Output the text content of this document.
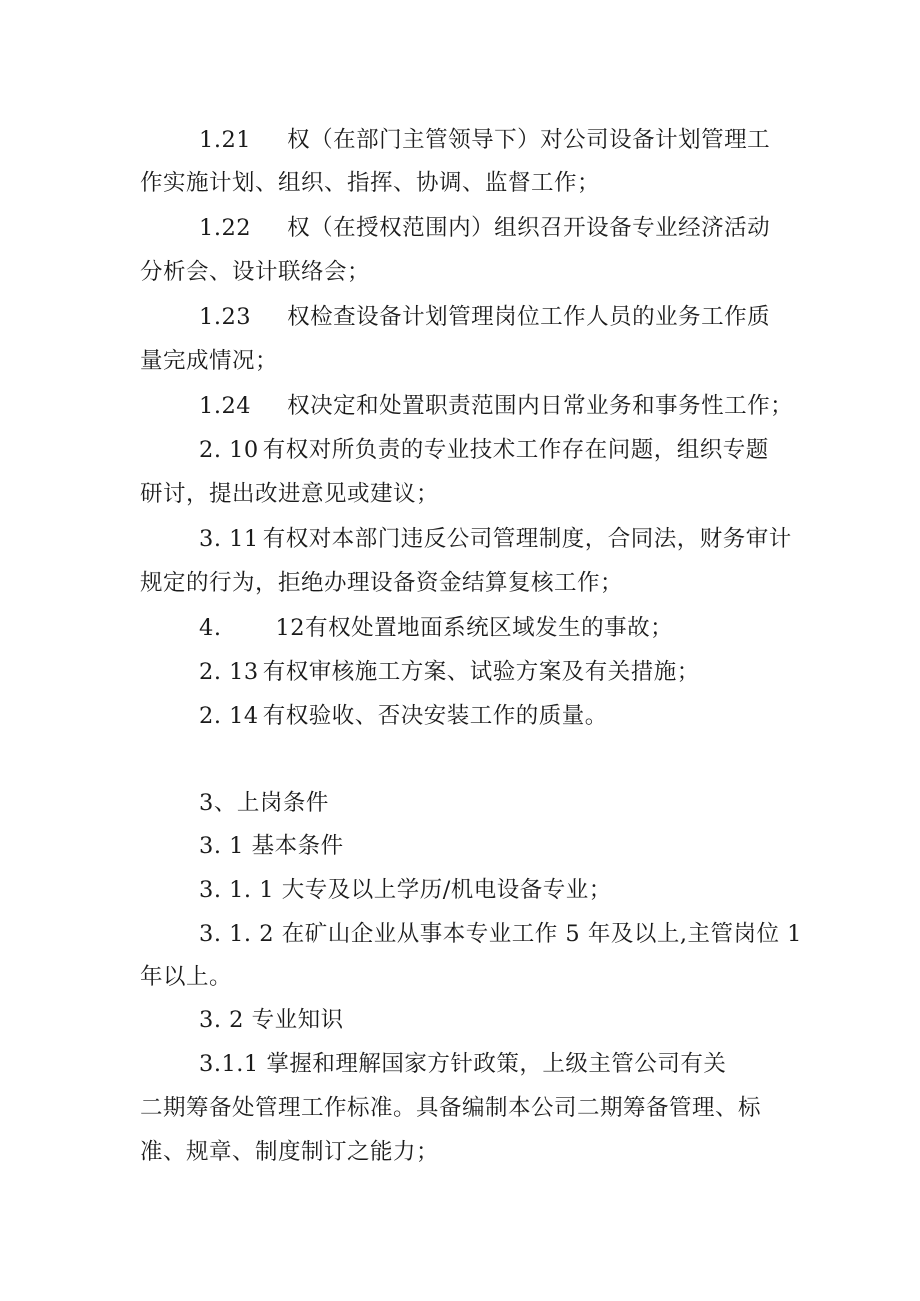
1.21 权（在部门主管领导下）对公司设备计划管理工
作实施计划、组织、指挥、协调、监督工作；
1.22 权（在授权范围内）组织召开设备专业经济活动
分析会、设计联络会；
1.23 权检查设备计划管理岗位工作人员的业务工作质
量完成情况；
1.24 权决定和处置职责范围内日常业务和事务性工作；
2. 10 有权对所负责的专业技术工作存在问题，组织专题
研讨，提出改进意见或建议；
3. 11 有权对本部门违反公司管理制度，合同法，财务审计
规定的行为，拒绝办理设备资金结算复核工作；
4. 12有权处置地面系统区域发生的事故；
2. 13 有权审核施工方案、试验方案及有关措施；
2. 14 有权验收、否决安装工作的质量。
3、上岗条件
3. 1 基本条件
3. 1. 1 大专及以上学历/机电设备专业；
3. 1. 2 在矿山企业从事本专业工作 5 年及以上,主管岗位 1
年以上。
3. 2 专业知识
3.1.1 掌握和理解国家方针政策，上级主管公司有关
二期筹备处管理工作标准。具备编制本公司二期筹备管理、标
准、规章、制度制订之能力；
